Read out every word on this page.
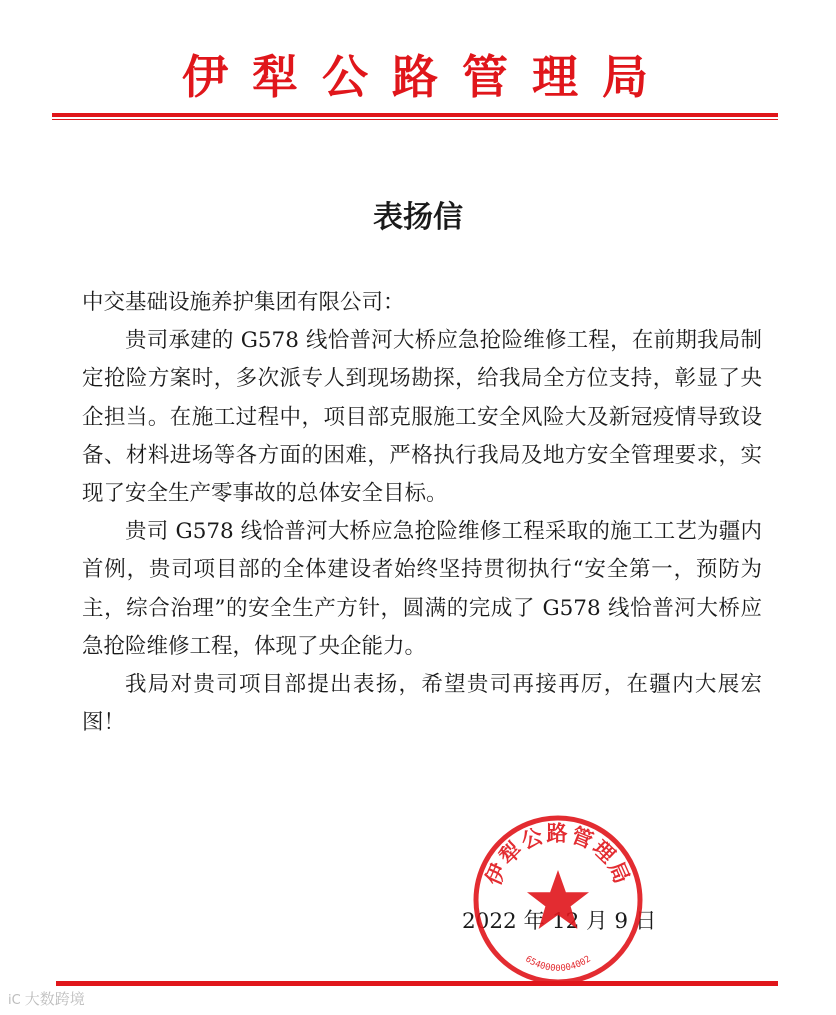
伊犁公路管理局
表扬信

中交基础设施养护集团有限公司：

贵司承建的 G578 线恰普河大桥应急抢险维修工程，在前期我局制定抢险方案时，多次派专人到现场勘探，给我局全方位支持，彰显了央企担当。在施工过程中，项目部克服施工安全风险大及新冠疫情导致设备、材料进场等各方面的困难，严格执行我局及地方安全管理要求，实现了安全生产零事故的总体安全目标。

贵司 G578 线恰普河大桥应急抢险维修工程采取的施工工艺为疆内首例，贵司项目部的全体建设者始终坚持贯彻执行“安全第一，预防为主，综合治理”的安全生产方针，圆满的完成了 G578 线恰普河大桥应急抢险维修工程，体现了央企能力。

我局对贵司项目部提出表扬，希望贵司再接再厉，在疆内大展宏图！

2022 年 12 月 9 日
伊犁公路管理局
6540000004002
iC 大数跨境
